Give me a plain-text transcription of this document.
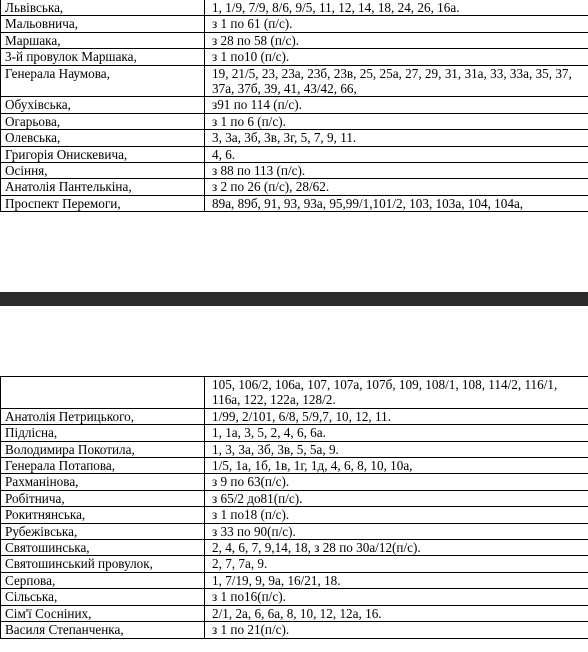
Львівська,	1, 1/9, 7/9, 8/6, 9/5, 11, 12, 14, 18, 24, 26, 16а.
Мальовнича,	з 1 по 61 (п/с).
Маршака,	з 28 по 58 (п/с).
3-й провулок Маршака,	з 1 по10 (п/с).
Генерала Наумова,	19, 21/5, 23, 23а, 23б, 23в, 25, 25а, 27, 29, 31, 31а, 33, 33а, 35, 37, 37а, 37б, 39, 41, 43/42, 66,
Обухівська,	з91 по 114 (п/с).
Огарьова,	з 1 по 6 (п/с).
Олевська,	3, 3а, 3б, 3в, 3г, 5, 7, 9, 11.
Григорія Онискевича,	4, 6.
Осіння,	з 88 по 113 (п/с).
Анатолія Пантелькіна,	з 2 по 26 (п/с), 28/62.
Проспект Перемоги,	89а, 89б, 91, 93, 93а, 95,99/1,101/2, 103, 103а, 104, 104а,
	105, 106/2, 106а, 107, 107а, 107б, 109, 108/1, 108, 114/2, 116/1, 116а, 122, 122а, 128/2.
Анатолія Петрицького,	1/99, 2/101, 6/8, 5/9,7, 10, 12, 11.
Підлісна,	1, 1а, 3, 5, 2, 4, 6, 6а.
Володимира Покотила,	1, 3, 3а, 3б, 3в, 5, 5а, 9.
Генерала Потапова,	1/5, 1а, 1б, 1в, 1г, 1д, 4, 6, 8, 10, 10а,
Рахманінова,	з 9 по 63(п/с).
Робітнича,	з 65/2 до81(п/с).
Рокитнянська,	з 1 по18 (п/с).
Рубежівська,	з 33 по 90(п/с).
Святошинська,	2, 4, 6, 7, 9,14, 18, з 28 по 30а/12(п/с).
Святошинський провулок,	2, 7, 7а, 9.
Серпова,	1, 7/19, 9, 9а, 16/21, 18.
Сільська,	з 1 по16(п/с).
Сім'ї Сосніних,	2/1, 2а, 6, 6а, 8, 10, 12, 12а, 16.
Василя Степанченка,	з 1 по 21(п/с).
